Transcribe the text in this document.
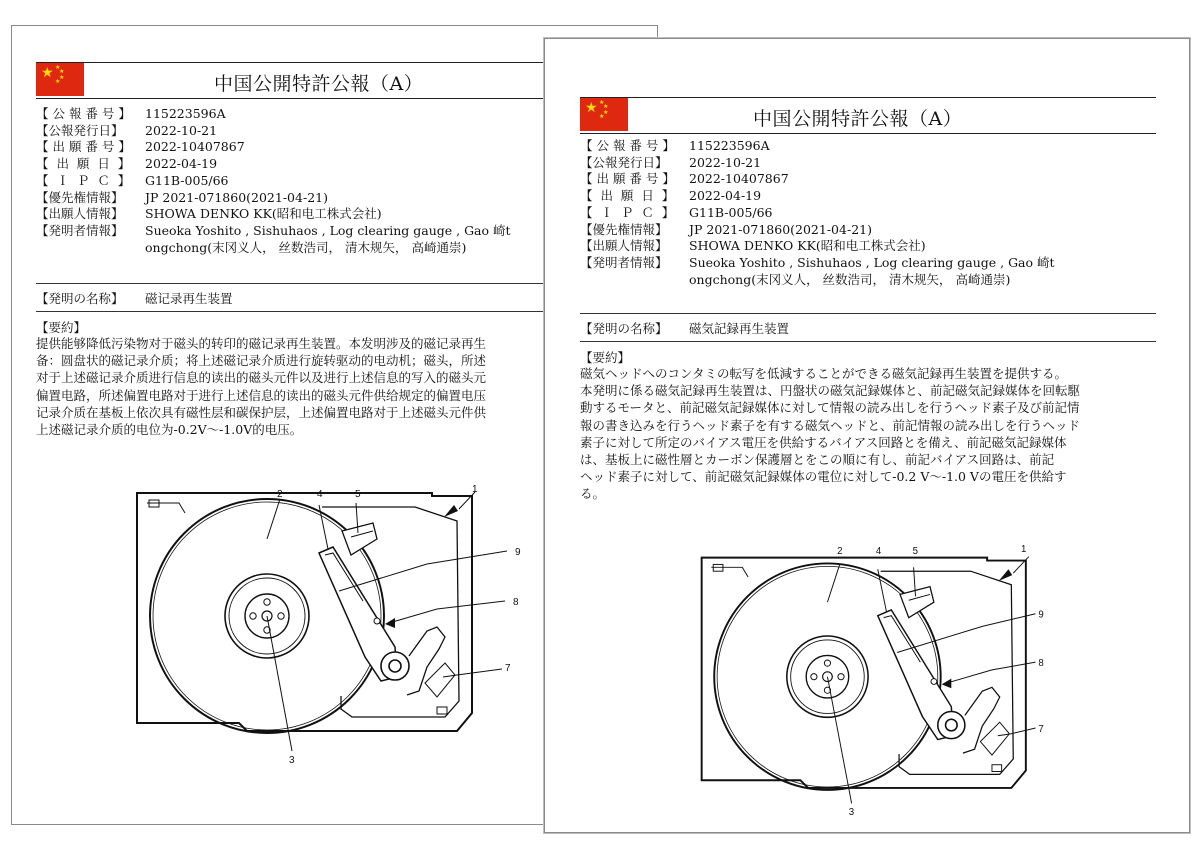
★ ★
★
★
★	中国公開特許公報（A）
【 公 報 番 号 】	115223596A
【公報発行日】	2022-10-21
【 出 願 番 号 】	2022-10407867
【  出  願  日  】	2022-04-19
【  Ｉ  Ｐ  Ｃ  】	G11B-005/66
【優先権情報】	JP 2021-071860(2021-04-21)
【出願人情報】	SHOWA DENKO KK(昭和电工株式会社)
【発明者情報】	Sueoka Yoshito , Sishuhaos , Log clearing gauge , Gao 崎t
ongchong(末冈义人， 丝数浩司， 清木规矢， 高崎通崇)
【発明の名称】	磁记录再生装置
【要約】
提供能够降低污染物对于磁头的转印的磁记录再生装置。本发明涉及的磁记录再生
备：圆盘状的磁记录介质；将上述磁记录介质进行旋转驱动的电动机；磁头，所述
对于上述磁记录介质进行信息的读出的磁头元件以及进行上述信息的写入的磁头元
偏置电路，所述偏置电路对于进行上述信息的读出的磁头元件供给规定的偏置电压
记录介质在基板上依次具有磁性层和碳保护层，上述偏置电路对于上述磁头元件供
上述磁记录介质的电位为-0.2V～-1.0V的电压。
2	4	5	1
9
8
7
3
★ ★
★
★
★	中国公開特許公報（A）
【 公 報 番 号 】	115223596A
【公報発行日】	2022-10-21
【 出 願 番 号 】	2022-10407867
【  出  願  日  】	2022-04-19
【  Ｉ  Ｐ  Ｃ  】	G11B-005/66
【優先権情報】	JP 2021-071860(2021-04-21)
【出願人情報】	SHOWA DENKO KK(昭和电工株式会社)
【発明者情報】	Sueoka Yoshito , Sishuhaos , Log clearing gauge , Gao 崎t
ongchong(末冈义人， 丝数浩司， 清木规矢， 高崎通崇)
【発明の名称】	磁気記録再生装置
【要約】
磁気ヘッドへのコンタミの転写を低減することができる磁気記録再生装置を提供する。
本発明に係る磁気記録再生装置は、円盤状の磁気記録媒体と、前記磁気記録媒体を回転駆
動するモータと、前記磁気記録媒体に対して情報の読み出しを行うヘッド素子及び前記情
報の書き込みを行うヘッド素子を有する磁気ヘッドと、前記情報の読み出しを行うヘッド
素子に対して所定のバイアス電圧を供給するバイアス回路とを備え、前記磁気記録媒体
は、基板上に磁性層とカーボン保護層とをこの順に有し、前記バイアス回路は、前記
ヘッド素子に対して、前記磁気記録媒体の電位に対して-0.2 V～-1.0 Vの電圧を供給す
る。
2	4	5	1
9
8
7
3
